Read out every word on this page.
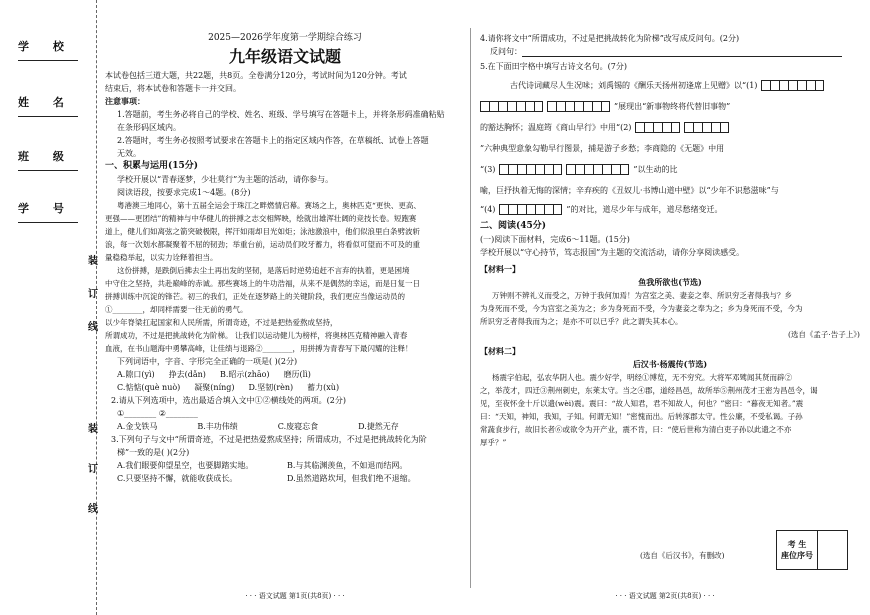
学 校
姓 名
班 级
学 号
装
订
线
装
订
线
2025—2026学年度第一学期综合练习
九年级语文试题
本试卷包括三道大题，共22题，共8页。全卷满分120分，考试时间为120分钟。考试
结束后，将本试卷和答题卡一并交回。
注意事项：
1.答题前，考生务必将自己的学校、姓名、班级、学号填写在答题卡上，并将条形码准确粘贴
在条形码区域内。
2.答题时，考生务必按照考试要求在答题卡上的指定区域内作答，在草稿纸、试卷上答题
无效。
一、积累与运用(15分)
学校开展以“青春逐梦，少壮莫行”为主题的活动，请你参与。
阅读语段，按要求完成1～4题。(8分)
粤港澳三地同心，第十五届全运会于珠江之畔燃情启幕。赛场之上，奥林匹克“更快、更高、
更强——更团结”的精神与中华健儿的拼搏之志交相辉映，绘就出雄浑壮阔的竞技长卷。短跑赛
道上，健儿们如离弦之箭突破极限，挥汗如雨却目光如炬；泳池激浪中，他们似浪里白条劈波斩
浪，每一次划水都凝聚着不屈的韧劲；举重台前，运动员们咬牙蓄力，将看似可望而不可及的重
量稳稳举起，以实力诠释着担当。
这份拼搏，是跌倒后拂去尘土再出发的坚韧，是落后时逆势追赶不言弃的执着，更是困境
中守住之坚持，共赴巅峰的赤诚。那些赛场上的牛功浩福，从来不是偶然的幸运，而是日复一日
拼搏训练中沉淀的锋芒。初三的我们，正处在逐梦路上的关键阶段，我们更应当像运动员的
①________，却同样需要一往无前的勇气。
以少年脊梁扛起国家和人民所需，所谓奇迹，不过是把热爱熬成坚持，
所谓成功，不过是把挑战转化为阶梯。 让我们以运动健儿为榜样，将奥林匹克精神融入青春
血液，在书山题海中勇攀高峰，让佳绩与退路②________，用拼搏为青春写下最闪耀的注释！
下列词语中，字音、字形完全正确的一项是( )(2分)
A.隙口(yì) 挣去(dǎn) B.昭示(zhāo) 磨历(lì)
C.惦惦(què nuò) 凝聚(níng) D.坚韧(rèn) 蓄力(xù)
2.请从下列选项中，选出最适合填入文中①②横线处的两项。(2分)
①________ ②________
A.金戈铁马	B.丰功伟绩	C.废寝忘食	D.捷然无存
3.下列句子与文中“所谓奇迹，不过是把热爱熬成坚持；所谓成功，不过是把挑战转化为阶
梯”一致的是( )(2分)
A.我们眼要仰望星空，也要脚踏实地。	B.与其临渊羡鱼，不如退而结网。
C.只要坚持不懈，就能收获成长。	D.虽然道路坎坷，但我们绝不退缩。
· · · 语文试题 第1页(共8页) · · ·
4.请你将文中“所谓成功，不过是把挑战转化为阶梯”改写成反问句。(2分)
反问句：
5.在下面田字格中填写古诗文名句。(7分)
古代诗词藏尽人生况味；刘禹锡的《酬乐天扬州初逢席上见赠》以“(1)
”展现出“新事物终将代替旧事物”
的豁达胸怀；温庭筠《商山早行》中用“(2)
”六种典型意象勾勒早行图景，捕是游子乡愁；李商隐的《无题》中用
“(3)	”以生动的比
喻，巨抒执着无悔的深情；辛弃疾的《丑奴儿·书博山道中壁》以“少年不识愁滋味”与
“(4)	”的对比，道尽少年与成年，道尽愁绪变迁。
二、阅读(45分)
(一)阅读下面材料，完成6～11题。(15分)
学校开展以“守心持节，笃志报国”为主题的交流活动，请你分享阅读感受。
【材料一】
鱼我所欲也(节选)
万钟则不辨礼义而受之，万钟于我何加焉！为宫室之美、妻妾之奉、所识穷乏者得我与？乡
为身死而不受，今为宫室之美为之；乡为身死而不受，今为妻妾之奉为之；乡为身死而不受，今为
所识穷乏者得我而为之；是亦不可以已乎？此之谓失其本心。
(选自《孟子·告子上》)
【材料二】
后汉书·杨震传(节选)
杨震字伯起，弘农华阴人也。震少好学，明经①博览，无不穷究。大将军邓骘闻其贤而辟②
之，举茂才，四迁③荆州刺史，东莱太守。当之④郡，道经昌邑，故所举⑤荆州茂才王密为昌邑令，谒
见，至夜怀金十斤以遗(wèi)震。震曰：“故人知君，君不知故人，何也？”密曰：“暮夜无知者。”震
曰：“天知，神知，我知，子知。何谓无知！”密愧而出。后转涿郡太守。性公廉，不受私谒。子孙
常蔬食步行，故旧长者⑥或欲令为开产业，震不肯，曰：“使后世称为清白吏子孙以此遗之不亦
厚乎？”
(选自《后汉书》，有删改)
考 生
座位序号
· · · 语文试题 第2页(共8页) · · ·
